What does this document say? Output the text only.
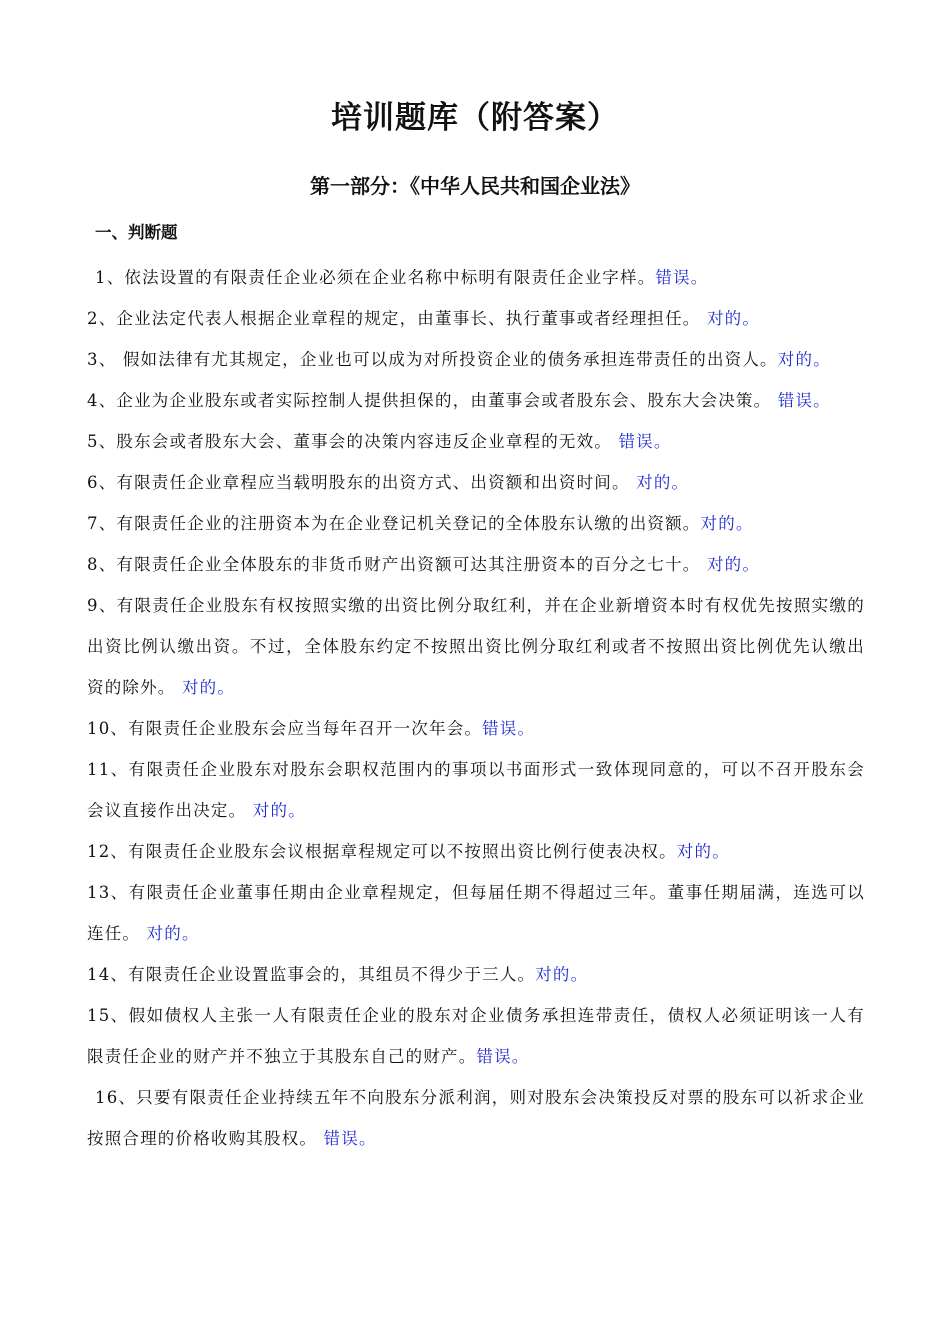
培训题库（附答案）
第一部分：《中华人民共和国企业法》
一、判断题
1、依法设置的有限责任企业必须在企业名称中标明有限责任企业字样。错误。
2、企业法定代表人根据企业章程的规定，由董事长、执行董事或者经理担任。 对的。
3、 假如法律有尤其规定，企业也可以成为对所投资企业的债务承担连带责任的出资人。对的。
4、企业为企业股东或者实际控制人提供担保的，由董事会或者股东会、股东大会决策。 错误。
5、股东会或者股东大会、董事会的决策内容违反企业章程的无效。 错误。
6、有限责任企业章程应当载明股东的出资方式、出资额和出资时间。 对的。
7、有限责任企业的注册资本为在企业登记机关登记的全体股东认缴的出资额。对的。
8、有限责任企业全体股东的非货币财产出资额可达其注册资本的百分之七十。 对的。
9、有限责任企业股东有权按照实缴的出资比例分取红利，并在企业新增资本时有权优先按照实缴的出资比例认缴出资。不过，全体股东约定不按照出资比例分取红利或者不按照出资比例优先认缴出资的除外。 对的。
10、有限责任企业股东会应当每年召开一次年会。错误。
11、有限责任企业股东对股东会职权范围内的事项以书面形式一致体现同意的，可以不召开股东会会议直接作出决定。 对的。
12、有限责任企业股东会议根据章程规定可以不按照出资比例行使表决权。对的。
13、有限责任企业董事任期由企业章程规定，但每届任期不得超过三年。董事任期届满，连选可以连任。 对的。
14、有限责任企业设置监事会的，其组员不得少于三人。对的。
15、假如债权人主张一人有限责任企业的股东对企业债务承担连带责任，债权人必须证明该一人有限责任企业的财产并不独立于其股东自己的财产。错误。
16、只要有限责任企业持续五年不向股东分派利润，则对股东会决策投反对票的股东可以祈求企业按照合理的价格收购其股权。 错误。
